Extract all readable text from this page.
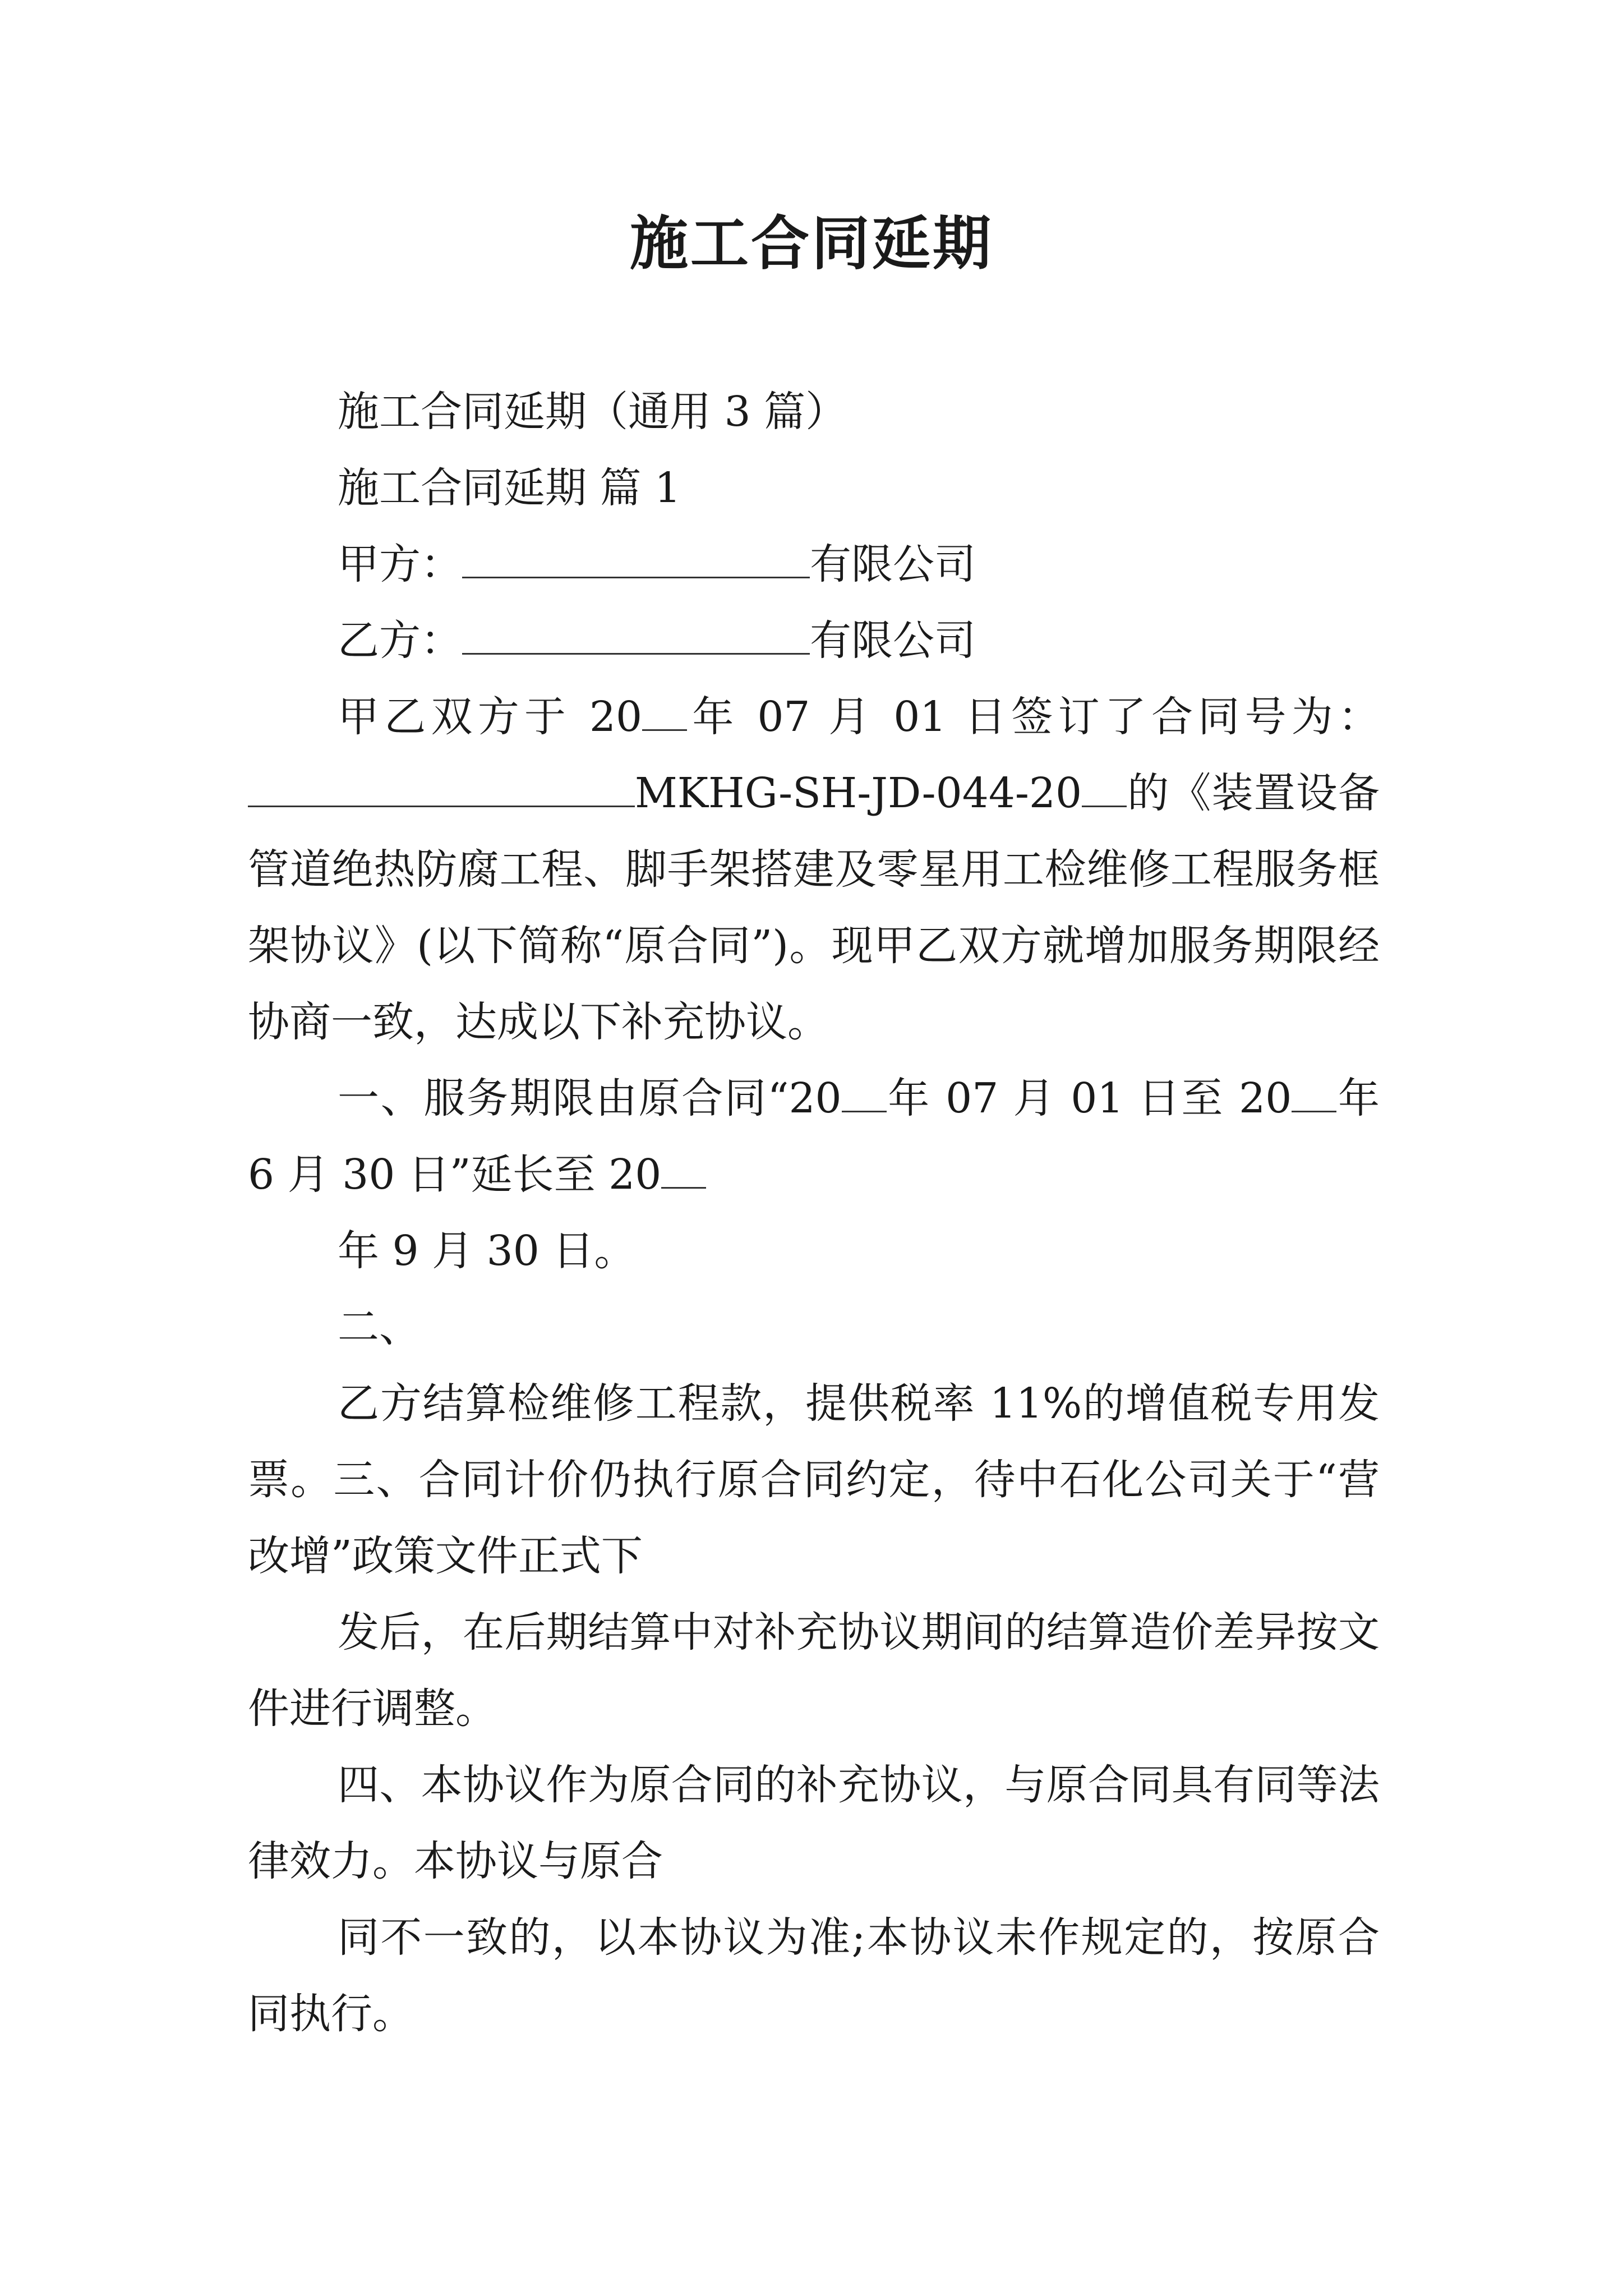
施工合同延期

施工合同延期（通用 3 篇）

施工合同延期 篇 1

甲方：	有限公司

乙方：	有限公司

甲乙双方于 20 年 07 月 01 日签订了合同号为：MKHG-SH-JD-044-20 的《装置设备管道绝热防腐工程、脚手架搭建及零星用工检维修工程服务框架协议》(以下简称“原合同”)。现甲乙双方就增加服务期限经协商一致，达成以下补充协议。

一、服务期限由原合同“20 年 07 月 01 日至 20 年 6 月 30 日”延长至 20

年 9 月 30 日。

二、

乙方结算检维修工程款，提供税率 11%的增值税专用发票。三、合同计价仍执行原合同约定，待中石化公司关于“营改增”政策文件正式下

发后，在后期结算中对补充协议期间的结算造价差异按文件进行调整。

四、本协议作为原合同的补充协议，与原合同具有同等法律效力。本协议与原合

同不一致的，以本协议为准;本协议未作规定的，按原合同执行。
